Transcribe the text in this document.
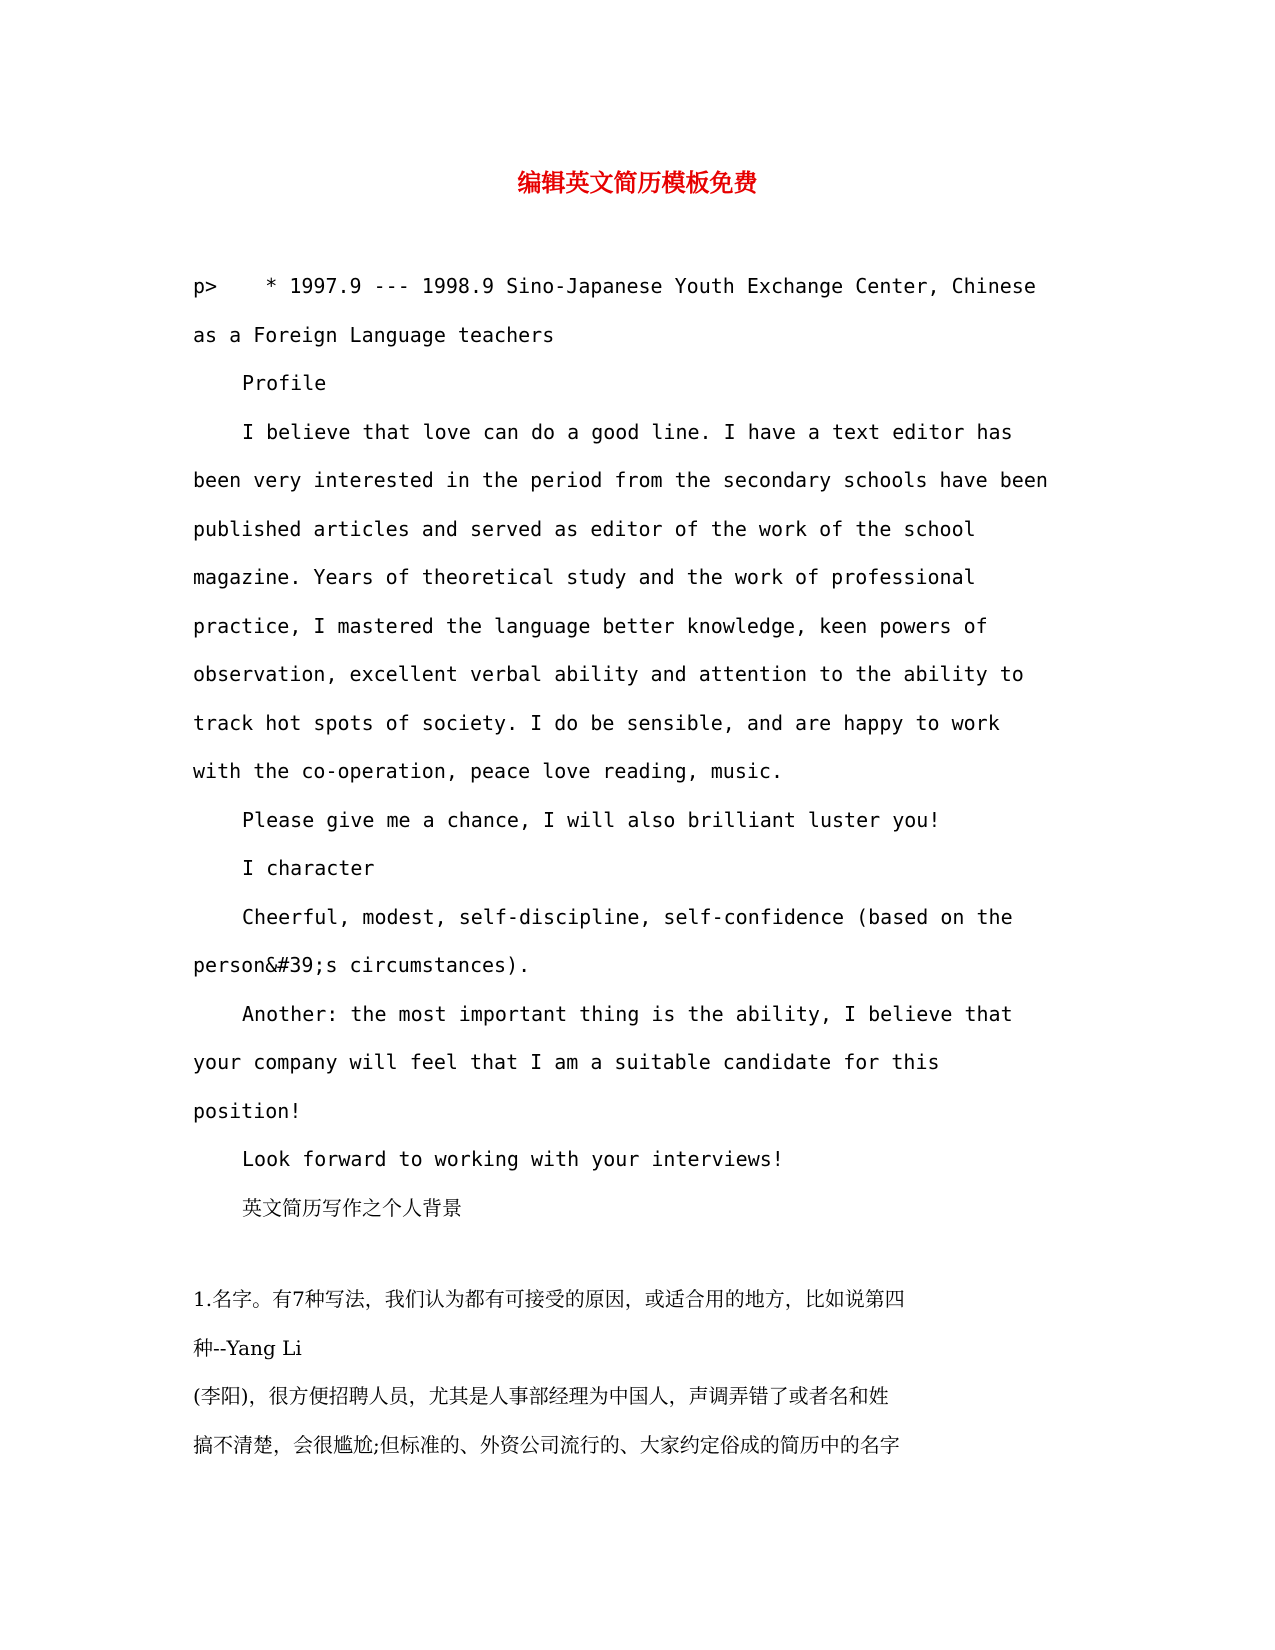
编辑英文简历模板免费
p>    * 1997.9 --- 1998.9 Sino-Japanese Youth Exchange Center, Chinese
as a Foreign Language teachers
Profile
I believe that love can do a good line. I have a text editor has
been very interested in the period from the secondary schools have been
published articles and served as editor of the work of the school
magazine. Years of theoretical study and the work of professional
practice, I mastered the language better knowledge, keen powers of
observation, excellent verbal ability and attention to the ability to
track hot spots of society. I do be sensible, and are happy to work
with the co-operation, peace love reading, music.
Please give me a chance, I will also brilliant luster you!
I character
Cheerful, modest, self-discipline, self-confidence (based on the
person&#39;s circumstances).
Another: the most important thing is the ability, I believe that
your company will feel that I am a suitable candidate for this
position!
Look forward to working with your interviews!
英文简历写作之个人背景
1.名字。有7种写法，我们认为都有可接受的原因，或适合用的地方，比如说第四
种--Yang Li
(李阳)，很方便招聘人员，尤其是人事部经理为中国人，声调弄错了或者名和姓
搞不清楚，会很尴尬;但标准的、外资公司流行的、大家约定俗成的简历中的名字
